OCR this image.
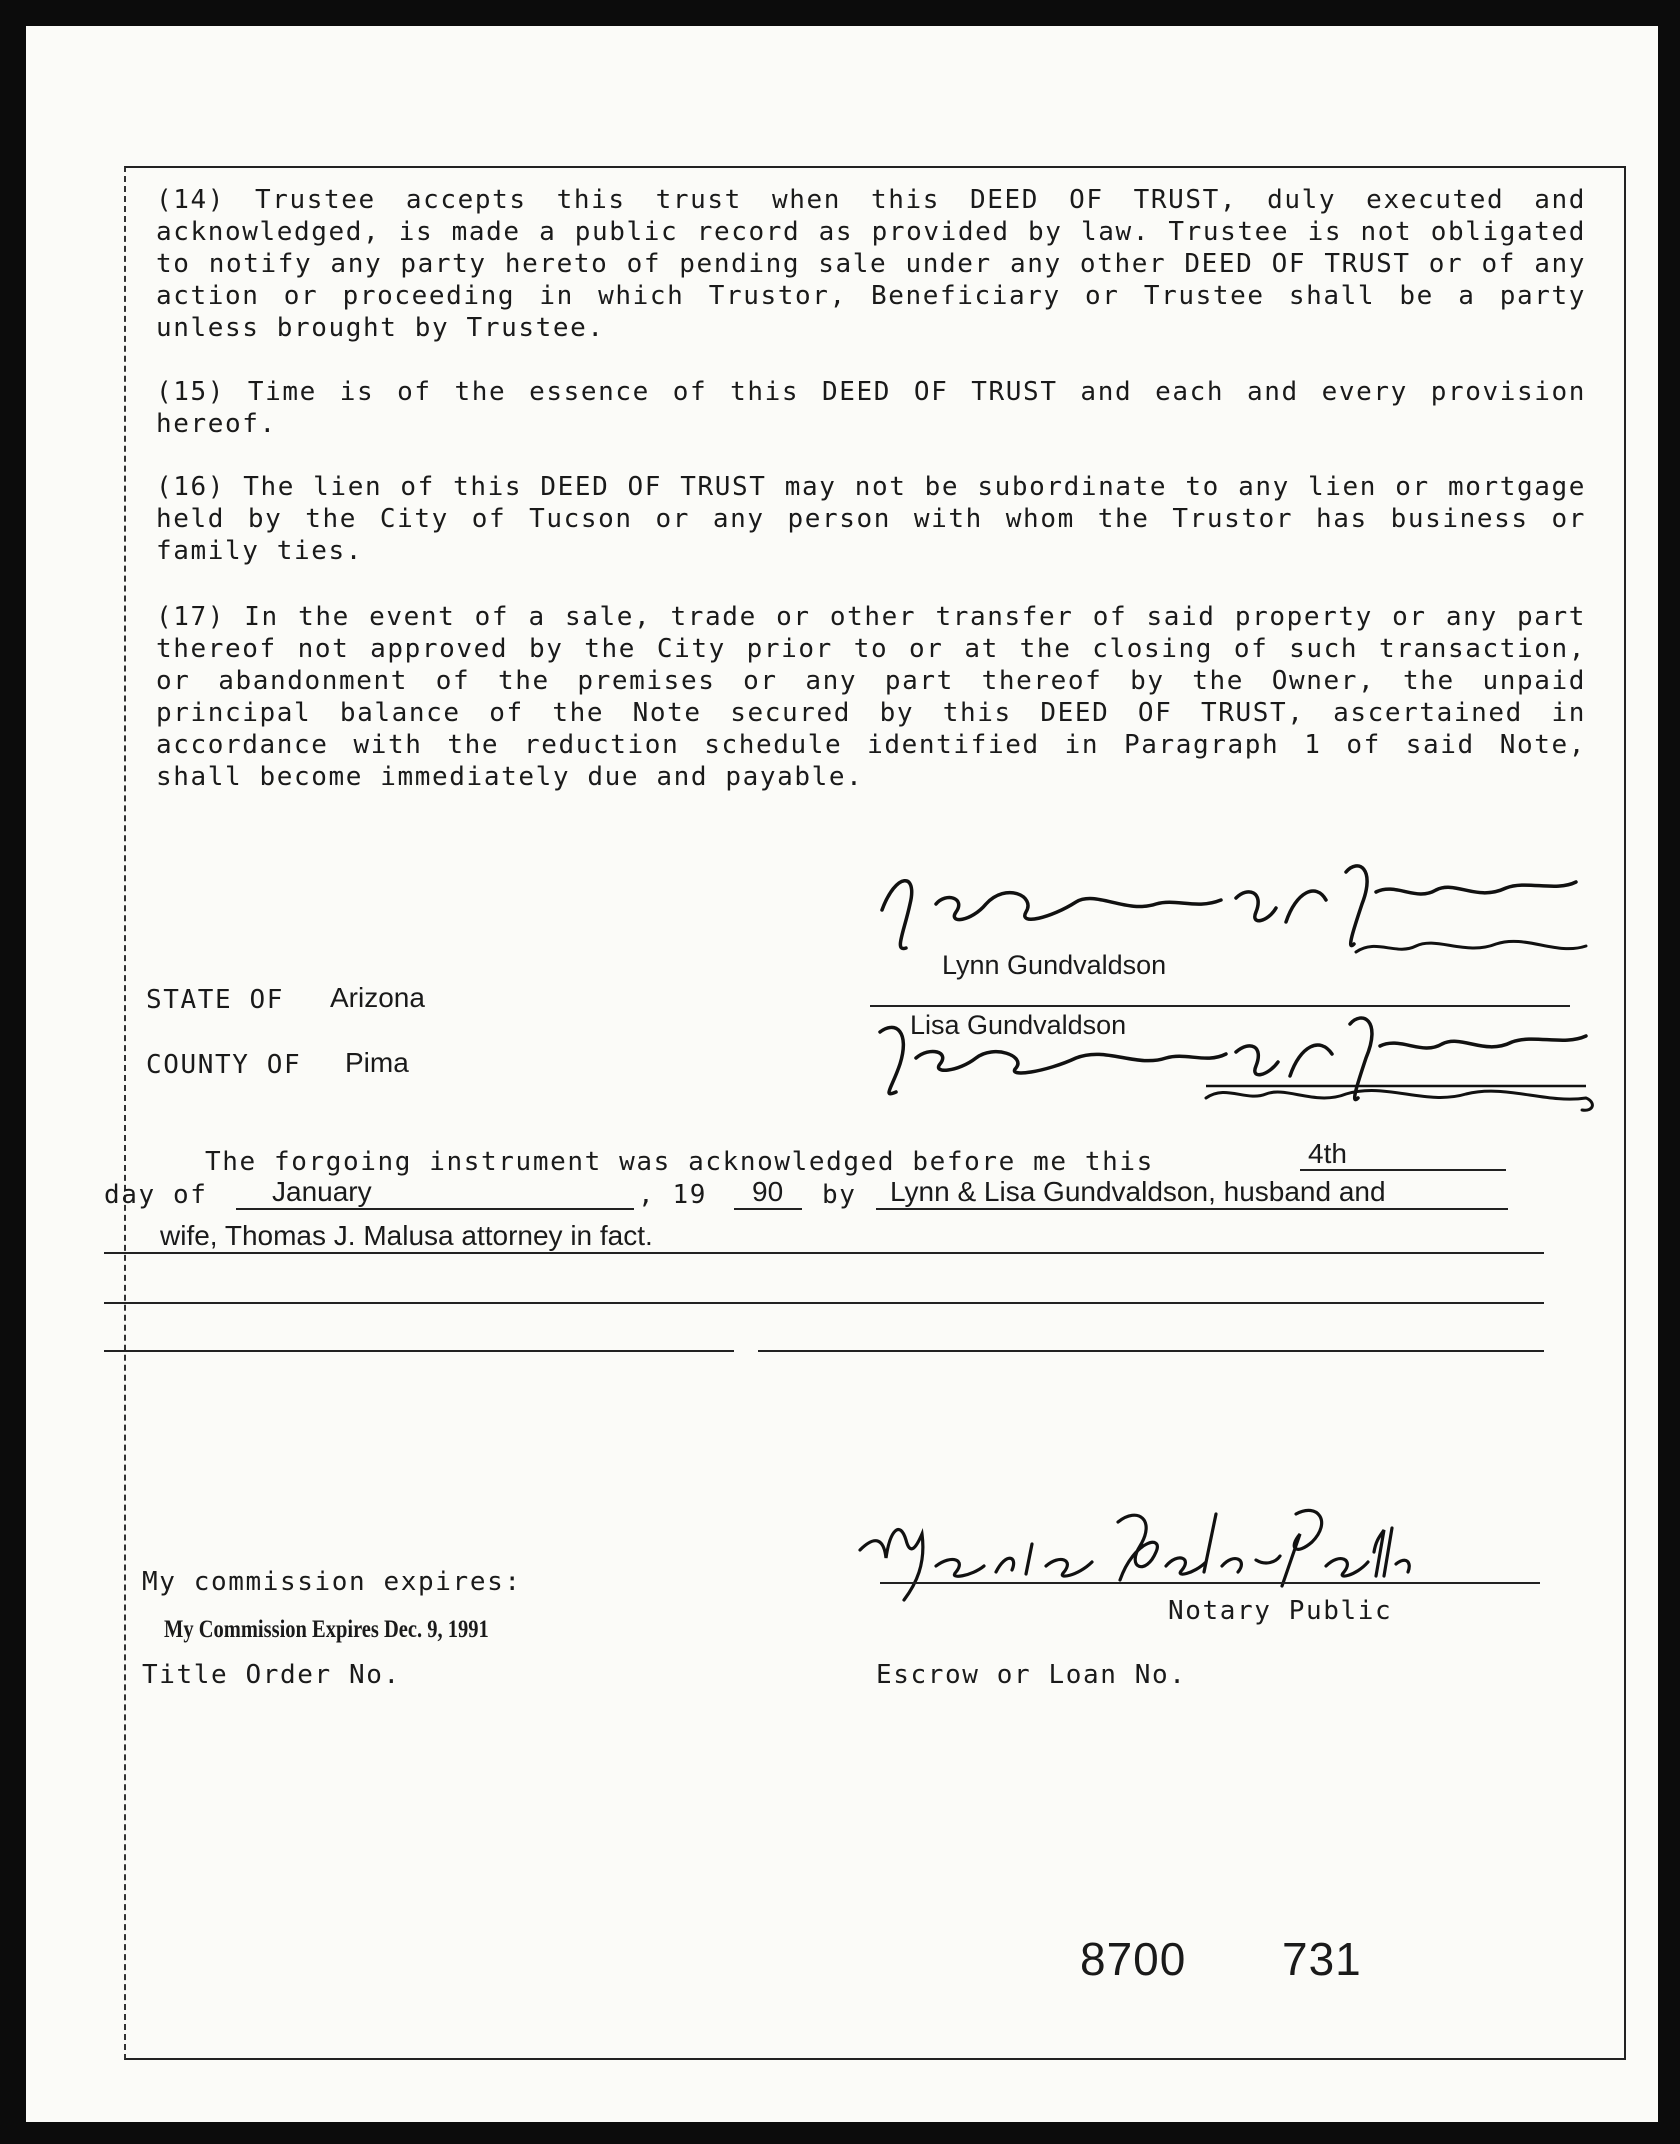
(14) Trustee accepts this trust when this DEED OF TRUST, duly executed and acknowledged, is made a public record as provided by law. Trustee is not obligated to notify any party hereto of pending sale under any other DEED OF TRUST or of any action or proceeding in which Trustor, Beneficiary or Trustee shall be a party unless brought by Trustee.

(15) Time is of the essence of this DEED OF TRUST and each and every provision hereof.

(16) The lien of this DEED OF TRUST may not be subordinate to any lien or mortgage held by the City of Tucson or any person with whom the Trustor has business or family ties.

(17) In the event of a sale, trade or other transfer of said property or any part thereof not approved by the City prior to or at the closing of such transaction, or abandonment of the premises or any part thereof by the Owner, the unpaid principal balance of the Note secured by this DEED OF TRUST, ascertained in accordance with the reduction schedule identified in Paragraph 1 of said Note, shall become immediately due and payable.

Lynn Gundvaldson
Lisa Gundvaldson
STATE OF Arizona
COUNTY OF Pima
The forgoing instrument was acknowledged before me this	4th
day of January	, 19 90 by Lynn & Lisa Gundvaldson, husband and
wife, Thomas J. Malusa attorney in fact.
Notary Public
My commission expires:
My Commission Expires Dec. 9, 1991
Title Order No.	Escrow or Loan No.
8700 731
